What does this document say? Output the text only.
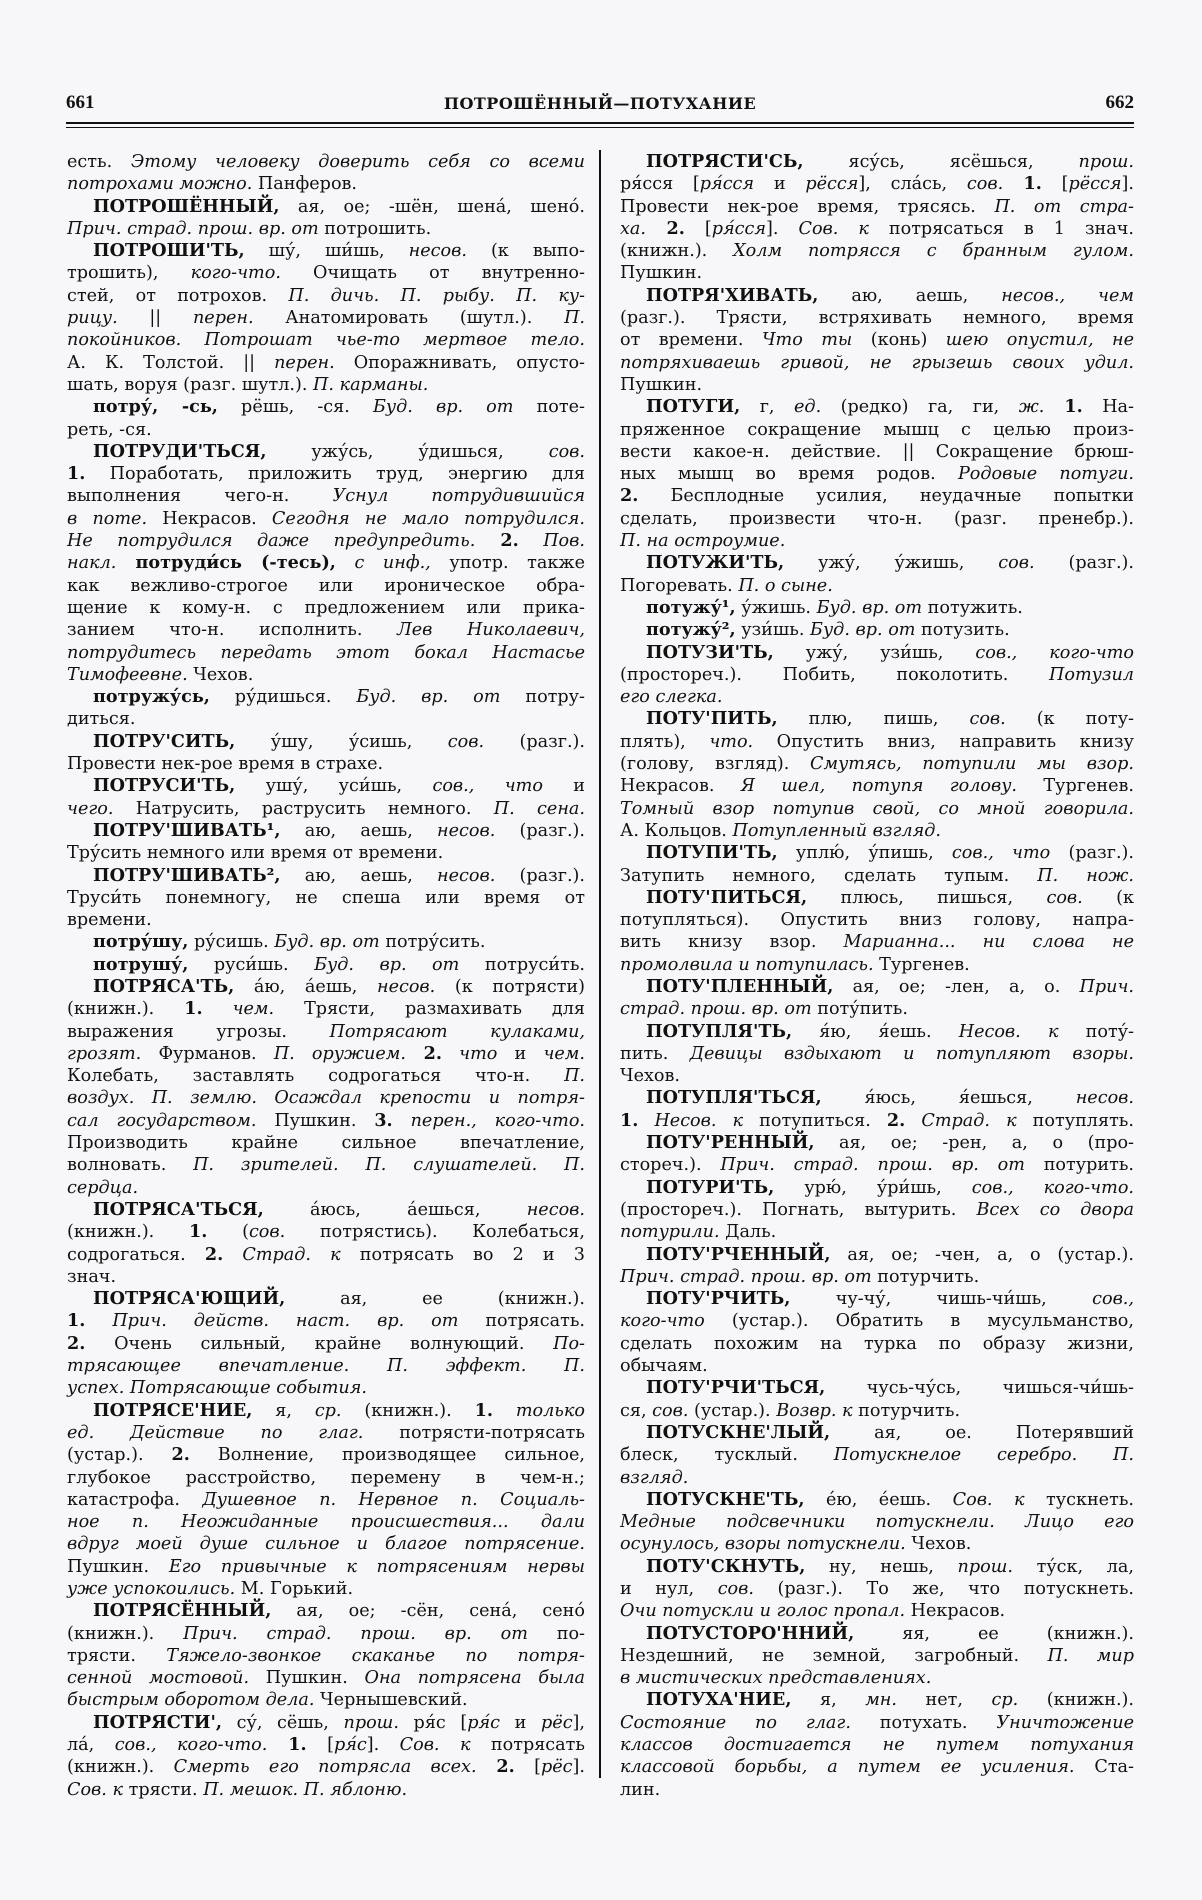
661	ПОТРОШЁННЫЙ—ПОТУХАНИЕ	662
есть. Этому человеку доверить себя со всеми
потрохами можно. Панферов.
ПОТРОШЁННЫЙ, ая, ое; -шён, шена́, шено́.
Прич. страд. прош. вр. от потрошить.
ПОТРОШИ'ТЬ, шу́, ши́шь, несов. (к выпо-
трошить), кого-что. Очищать от внутренно-
стей, от потрохов. П. дичь. П. рыбу. П. ку-
рицу. || перен. Анатомировать (шутл.). П.
покойников. Потрошат чье-то мертвое тело.
А. К. Толстой. || перен. Опоражнивать, опусто-
шать, воруя (разг. шутл.). П. карманы.
потру́, -сь, рёшь, -ся. Буд. вр. от поте-
реть, -ся.
ПОТРУДИ'ТЬСЯ, ужу́сь, у́дишься, сов.
1. Поработать, приложить труд, энергию для
выполнения чего-н. Уснул потрудившийся
в поте. Некрасов. Сегодня не мало потрудился.
Не потрудился даже предупредить. 2. Пов.
накл. потруди́сь (-тесь), с инф., употр. также
как вежливо-строгое или ироническое обра-
щение к кому-н. с предложением или прика-
занием что-н. исполнить. Лев Николаевич,
потрудитесь передать этот бокал Настасье
Тимофеевне. Чехов.
потружу́сь, ру́дишься. Буд. вр. от потру-
диться.
ПОТРУ'СИТЬ, у́шу, у́сишь, сов. (разг.).
Провести нек-рое время в страхе.
ПОТРУСИ'ТЬ, ушу́, уси́шь, сов., что и
чего. Натрусить, раструсить немного. П. сена.
ПОТРУ'ШИВАТЬ¹, аю, аешь, несов. (разг.).
Тру́сить немного или время от времени.
ПОТРУ'ШИВАТЬ², аю, аешь, несов. (разг.).
Труси́ть понемногу, не спеша или время от
времени.
потру́шу, ру́сишь. Буд. вр. от потру́сить.
потрушу́, руси́шь. Буд. вр. от потруси́ть.
ПОТРЯСА'ТЬ, а́ю, а́ешь, несов. (к потрясти)
(книжн.). 1. чем. Трясти, размахивать для
выражения угрозы. Потрясают кулаками,
грозят. Фурманов. П. оружием. 2. что и чем.
Колебать, заставлять содрогаться что-н. П.
воздух. П. землю. Осаждал крепости и потря-
сал государством. Пушкин. 3. перен., кого-что.
Производить крайне сильное впечатление,
волновать. П. зрителей. П. слушателей. П.
сердца.
ПОТРЯСА'ТЬСЯ, а́юсь, а́ешься, несов.
(книжн.). 1. (сов. потрястись). Колебаться,
содрогаться. 2. Страд. к потрясать во 2 и 3
знач.
ПОТРЯСА'ЮЩИЙ, ая, ее (книжн.).
1. Прич. действ. наст. вр. от потрясать.
2. Очень сильный, крайне волнующий. По-
трясающее впечатление. П. эффект. П.
успех. Потрясающие события.
ПОТРЯСЕ'НИЕ, я, ср. (книжн.). 1. только
ед. Действие по глаг. потрясти-потрясать
(устар.). 2. Волнение, производящее сильное,
глубокое расстройство, перемену в чем-н.;
катастрофа. Душевное п. Нервное п. Социаль-
ное п. Неожиданные происшествия... дали
вдруг моей душе сильное и благое потрясение.
Пушкин. Его привычные к потрясениям нервы
уже успокоились. М. Горький.
ПОТРЯСЁННЫЙ, ая, ое; -сён, сена́, сено́
(книжн.). Прич. страд. прош. вр. от по-
трясти. Тяжело-звонкое скаканье по потря-
сенной мостовой. Пушкин. Она потрясена была
быстрым оборотом дела. Чернышевский.
ПОТРЯСТИ', су́, сёшь, прош. ря́с [ря́с и рёс],
ла́, сов., кого-что. 1. [ря́с]. Сов. к потрясать
(книжн.). Смерть его потрясла всех. 2. [рёс].
Сов. к трясти. П. мешок. П. яблоню.
ПОТРЯСТИ'СЬ, ясу́сь, ясёшься, прош.
ря́сся [ря́сся и рёсся], сла́сь, сов. 1. [рёсся].
Провести нек-рое время, трясясь. П. от стра-
ха. 2. [ря́сся]. Сов. к потрясаться в 1 знач.
(книжн.). Холм потрясся с бранным гулом.
Пушкин.
ПОТРЯ'ХИВАТЬ, аю, аешь, несов., чем
(разг.). Трясти, встряхивать немного, время
от времени. Что ты (конь) шею опустил, не
потряхиваешь гривой, не грызешь своих удил.
Пушкин.
ПОТУГИ, г, ед. (редко) га, ги, ж. 1. На-
пряженное сокращение мышц с целью произ-
вести какое-н. действие. || Сокращение брюш-
ных мышц во время родов. Родовые потуги.
2. Бесплодные усилия, неудачные попытки
сделать, произвести что-н. (разг. пренебр.).
П. на остроумие.
ПОТУЖИ'ТЬ, ужу́, у́жишь, сов. (разг.).
Погоревать. П. о сыне.
потужу́¹, у́жишь. Буд. вр. от потужить.
потужу́², узи́шь. Буд. вр. от потузить.
ПОТУЗИ'ТЬ, ужу́, узи́шь, сов., кого-что
(простореч.). Побить, поколотить. Потузил
его слегка.
ПОТУ'ПИТЬ, плю, пишь, сов. (к поту-
плять), что. Опустить вниз, направить книзу
(голову, взгляд). Смутясь, потупили мы взор.
Некрасов. Я шел, потупя голову. Тургенев.
Томный взор потупив свой, со мной говорила.
А. Кольцов. Потупленный взгляд.
ПОТУПИ'ТЬ, уплю́, у́пишь, сов., что (разг.).
Затупить немного, сделать тупым. П. нож.
ПОТУ'ПИТЬСЯ, плюсь, пишься, сов. (к
потупляться). Опустить вниз голову, напра-
вить книзу взор. Марианна... ни слова не
промолвила и потупилась. Тургенев.
ПОТУ'ПЛЕННЫЙ, ая, ое; -лен, а, о. Прич.
страд. прош. вр. от поту́пить.
ПОТУПЛЯ'ТЬ, я́ю, я́ешь. Несов. к поту́-
пить. Девицы вздыхают и потупляют взоры.
Чехов.
ПОТУПЛЯ'ТЬСЯ, я́юсь, я́ешься, несов.
1. Несов. к потупиться. 2. Страд. к потуплять.
ПОТУ'РЕННЫЙ, ая, ое; -рен, а, о (про-
стореч.). Прич. страд. прош. вр. от потурить.
ПОТУРИ'ТЬ, урю́, у́ри́шь, сов., кого-что.
(простореч.). Погнать, вытурить. Всех со двора
потурили. Даль.
ПОТУ'РЧЕННЫЙ, ая, ое; -чен, а, о (устар.).
Прич. страд. прош. вр. от потурчить.
ПОТУ'РЧИТЬ, чу-чу́, чишь-чи́шь, сов.,
кого-что (устар.). Обратить в мусульманство,
сделать похожим на турка по образу жизни,
обычаям.
ПОТУ'РЧИ'ТЬСЯ, чусь-чу́сь, чишься-чи́шь-
ся, сов. (устар.). Возвр. к потурчить.
ПОТУСКНЕ'ЛЫЙ, ая, ое. Потерявший
блеск, тусклый. Потускнелое серебро. П.
взгляд.
ПОТУСКНЕ'ТЬ, е́ю, е́ешь. Сов. к тускнеть.
Медные подсвечники потускнели. Лицо его
осунулось, взоры потускнели. Чехов.
ПОТУ'СКНУТЬ, ну, нешь, прош. ту́ск, ла,
и нул, сов. (разг.). То же, что потускнеть.
Очи потускли и голос пропал. Некрасов.
ПОТУСТОРО'ННИЙ, яя, ее (книжн.).
Нездешний, не земной, загробный. П. мир
в мистических представлениях.
ПОТУХА'НИЕ, я, мн. нет, ср. (книжн.).
Состояние по глаг. потухать. Уничтожение
классов достигается не путем потухания
классовой борьбы, а путем ее усиления. Ста-
лин.
